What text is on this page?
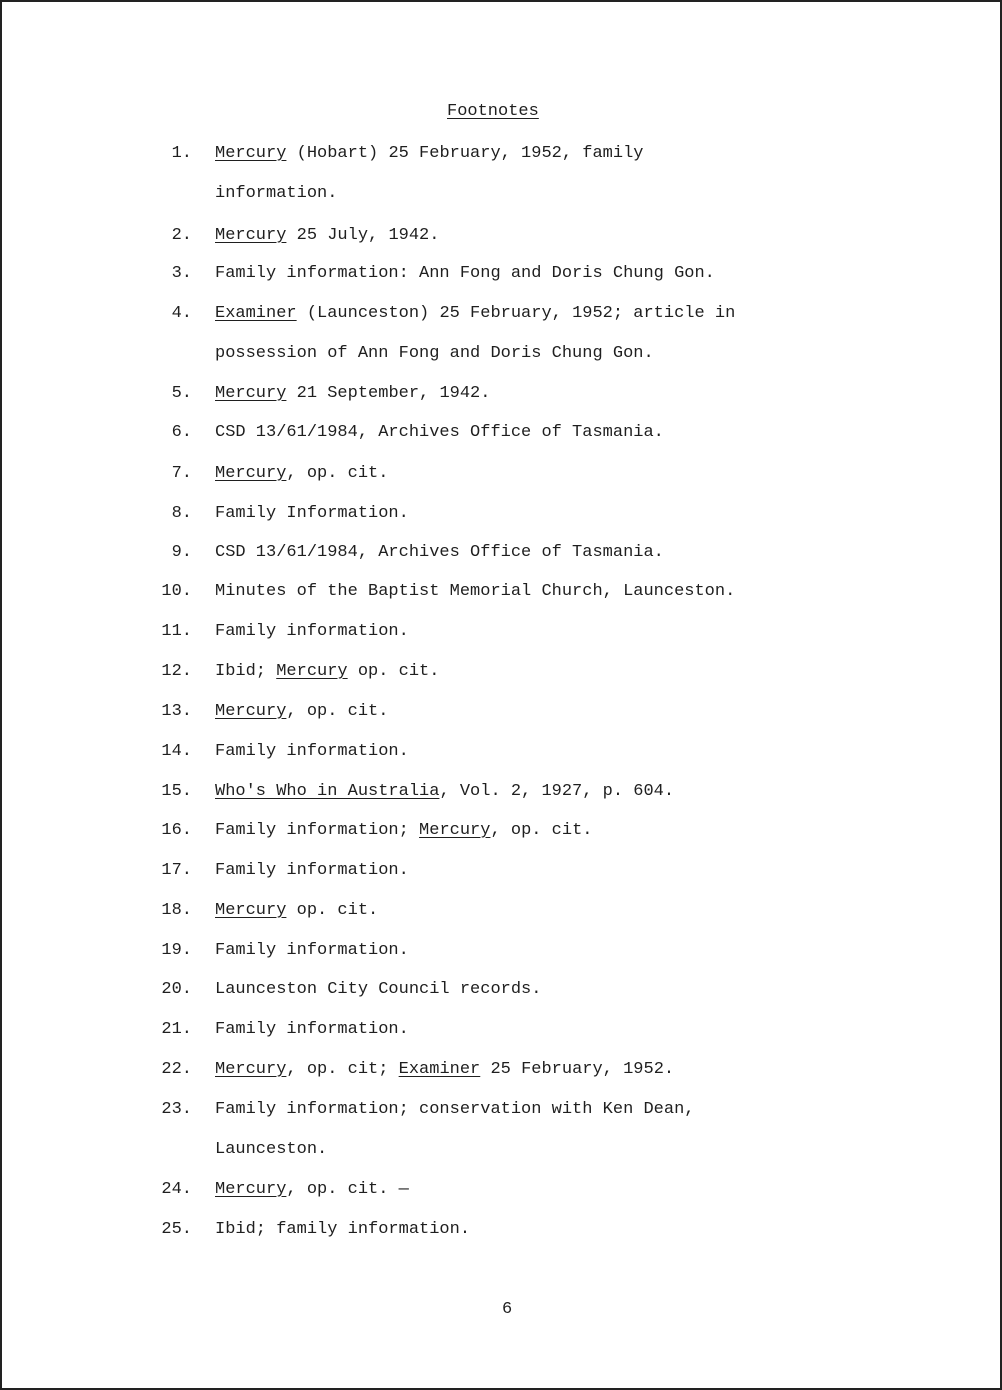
Footnotes
1. Mercury (Hobart) 25 February, 1952, family
information.
2. Mercury 25 July, 1942.
3. Family information: Ann Fong and Doris Chung Gon.
4. Examiner (Launceston) 25 February, 1952; article in
possession of Ann Fong and Doris Chung Gon.
5. Mercury 21 September, 1942.
6. CSD 13/61/1984, Archives Office of Tasmania.
7. Mercury, op. cit.
8. Family Information.
9. CSD 13/61/1984, Archives Office of Tasmania.
10. Minutes of the Baptist Memorial Church, Launceston.
11. Family information.
12. Ibid; Mercury op. cit.
13. Mercury, op. cit.
14. Family information.
15. Who's Who in Australia, Vol. 2, 1927, p. 604.
16. Family information; Mercury, op. cit.
17. Family information.
18. Mercury op. cit.
19. Family information.
20. Launceston City Council records.
21. Family information.
22. Mercury, op. cit; Examiner 25 February, 1952.
23. Family information; conservation with Ken Dean,
Launceston.
24. Mercury, op. cit. —
25. Ibid; family information.
6
